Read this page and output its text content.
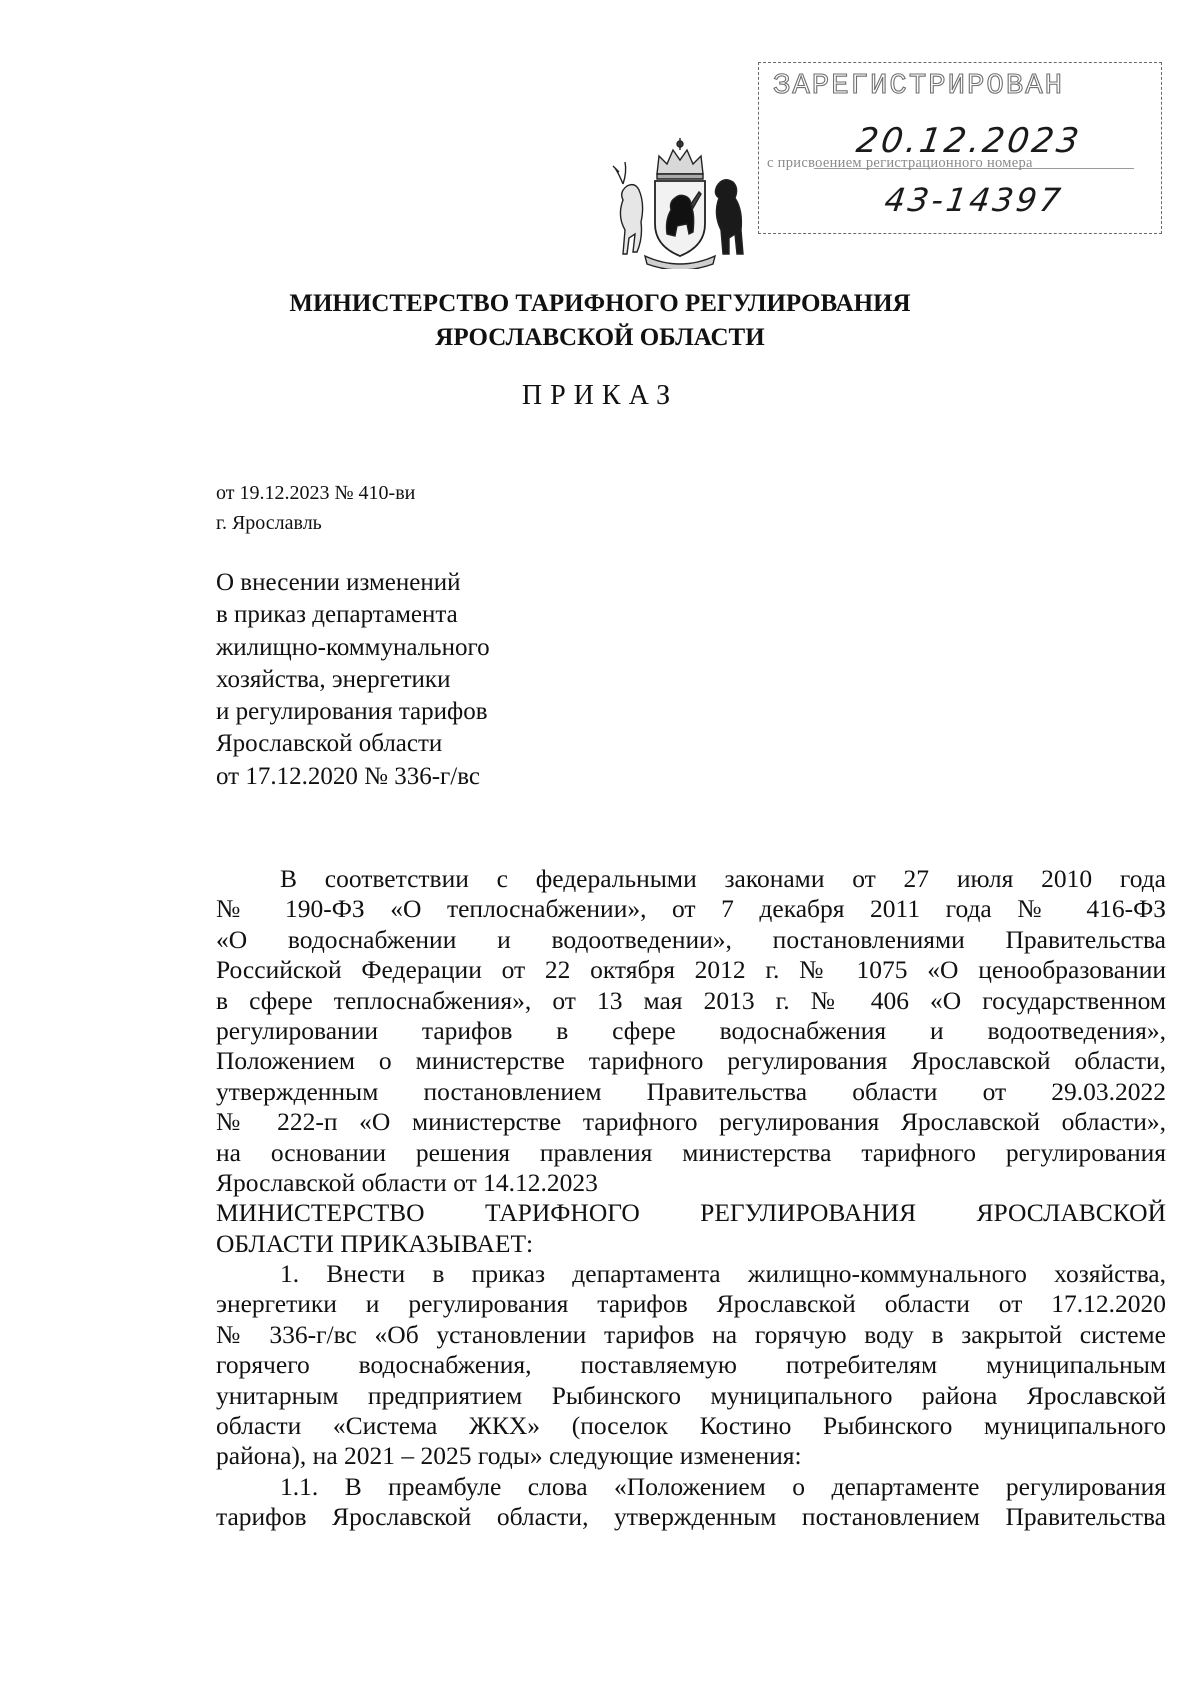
ЗАРЕГИСТРИРОВАН
20.12.2023
с присвоением регистрационного номера
43-14397
МИНИСТЕРСТВО ТАРИФНОГО РЕГУЛИРОВАНИЯ
ЯРОСЛАВСКОЙ ОБЛАСТИ
ПРИКАЗ
от 19.12.2023 № 410-ви
г. Ярославль
О внесении изменений
в приказ департамента
жилищно-коммунального
хозяйства, энергетики
и регулирования тарифов
Ярославской области
от 17.12.2020 № 336-г/вс
В соответствии с федеральными законами от 27 июля 2010 года
№ 190-ФЗ «О теплоснабжении», от 7 декабря 2011 года № 416-ФЗ
«О водоснабжении и водоотведении», постановлениями Правительства
Российской Федерации от 22 октября 2012 г. № 1075 «О ценообразовании
в сфере теплоснабжения», от 13 мая 2013 г. № 406 «О государственном
регулировании тарифов в сфере водоснабжения и водоотведения»,
Положением о министерстве тарифного регулирования Ярославской области,
утвержденным постановлением Правительства области от 29.03.2022
№ 222-п «О министерстве тарифного регулирования Ярославской области»,
на основании решения правления министерства тарифного регулирования
Ярославской области от 14.12.2023
МИНИСТЕРСТВО ТАРИФНОГО РЕГУЛИРОВАНИЯ ЯРОСЛАВСКОЙ
ОБЛАСТИ ПРИКАЗЫВАЕТ:
1. Внести в приказ департамента жилищно-коммунального хозяйства,
энергетики и регулирования тарифов Ярославской области от 17.12.2020
№ 336-г/вс «Об установлении тарифов на горячую воду в закрытой системе
горячего водоснабжения, поставляемую потребителям муниципальным
унитарным предприятием Рыбинского муниципального района Ярославской
области «Система ЖКХ» (поселок Костино Рыбинского муниципального
района), на 2021 – 2025 годы» следующие изменения:
1.1. В преамбуле слова «Положением о департаменте регулирования
тарифов Ярославской области, утвержденным постановлением Правительства
